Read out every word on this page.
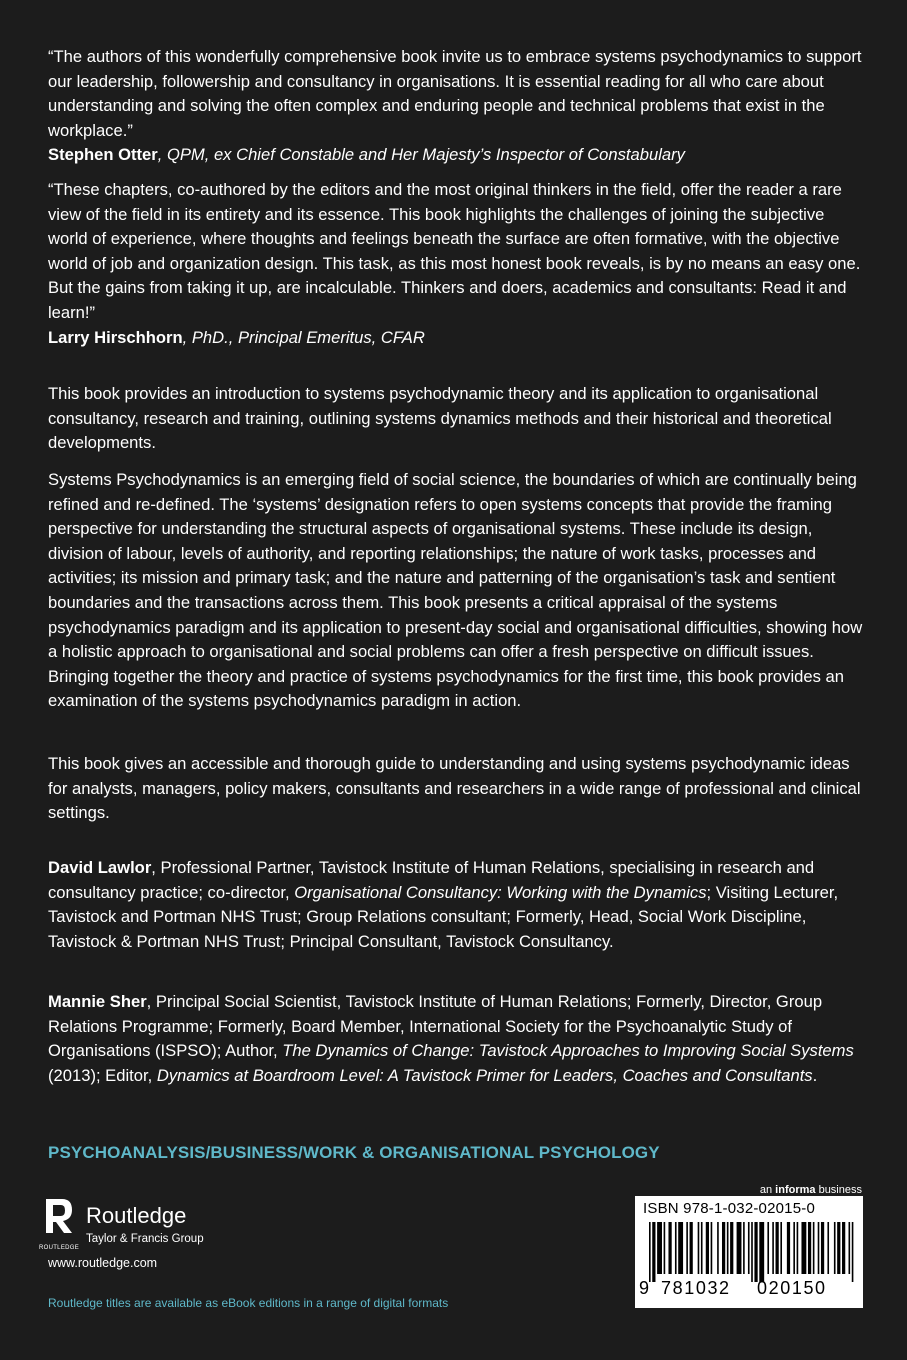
“The authors of this wonderfully comprehensive book invite us to embrace systems psychodynamics to support our leadership, followership and consultancy in organisations. It is essential reading for all who care about understanding and solving the often complex and enduring people and technical problems that exist in the workplace.”

Stephen Otter, QPM, ex Chief Constable and Her Majesty’s Inspector of Constabulary

“These chapters, co-authored by the editors and the most original thinkers in the field, offer the reader a rare view of the field in its entirety and its essence. This book highlights the challenges of joining the subjective world of experience, where thoughts and feelings beneath the surface are often formative, with the objective world of job and organization design. This task, as this most honest book reveals, is by no means an easy one. But the gains from taking it up, are incalculable. Thinkers and doers, academics and consultants: Read it and learn!”

Larry Hirschhorn, PhD., Principal Emeritus, CFAR

This book provides an introduction to systems psychodynamic theory and its application to organisational consultancy, research and training, outlining systems dynamics methods and their historical and theoretical developments.

Systems Psychodynamics is an emerging field of social science, the boundaries of which are continually being refined and re-defined. The ‘systems’ designation refers to open systems concepts that provide the framing perspective for understanding the structural aspects of organisational systems. These include its design, division of labour, levels of authority, and reporting relationships; the nature of work tasks, processes and activities; its mission and primary task; and the nature and patterning of the organisation’s task and sentient boundaries and the transactions across them. This book presents a critical appraisal of the systems psychodynamics paradigm and its application to present-day social and organisational difficulties, showing how a holistic approach to organisational and social problems can offer a fresh perspective on difficult issues. Bringing together the theory and practice of systems psychodynamics for the first time, this book provides an examination of the systems psychodynamics paradigm in action.

This book gives an accessible and thorough guide to understanding and using systems psychodynamic ideas for analysts, managers, policy makers, consultants and researchers in a wide range of professional and clinical settings.

David Lawlor, Professional Partner, Tavistock Institute of Human Relations, specialising in research and consultancy practice; co-director, Organisational Consultancy: Working with the Dynamics; Visiting Lecturer, Tavistock and Portman NHS Trust; Group Relations consultant; Formerly, Head, Social Work Discipline, Tavistock & Portman NHS Trust; Principal Consultant, Tavistock Consultancy.

Mannie Sher, Principal Social Scientist, Tavistock Institute of Human Relations; Formerly, Director, Group Relations Programme; Formerly, Board Member, International Society for the Psychoanalytic Study of Organisations (ISPSO); Author, The Dynamics of Change: Tavistock Approaches to Improving Social Systems (2013); Editor, Dynamics at Boardroom Level: A Tavistock Primer for Leaders, Coaches and Consultants.

PSYCHOANALYSIS/BUSINESS/WORK & ORGANISATIONAL PSYCHOLOGY
ROUTLEDGE
Routledge
Taylor & Francis Group
www.routledge.com
Routledge titles are available as eBook editions in a range of digital formats
an informa business
ISBN 978-1-032-02015-0
9 781032 020150
